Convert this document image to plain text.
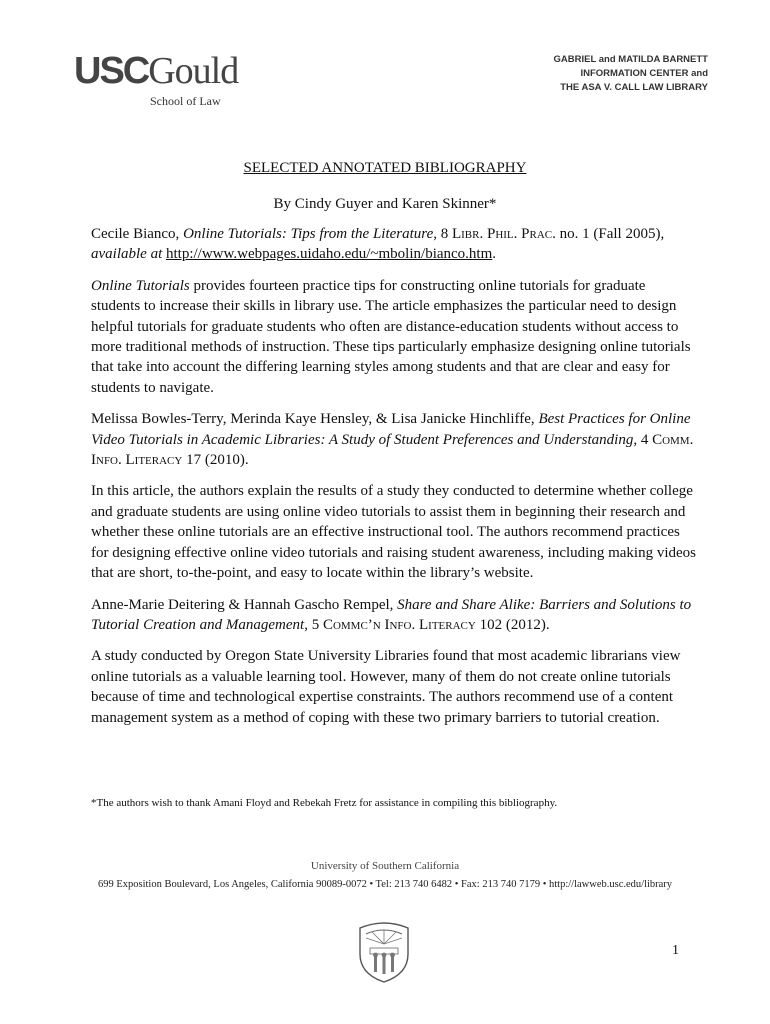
USCGould
School of Law
GABRIEL and MATILDA BARNETT
INFORMATION CENTER and
THE ASA V. CALL LAW LIBRARY
SELECTED ANNOTATED BIBLIOGRAPHY
By Cindy Guyer and Karen Skinner*

Cecile Bianco, Online Tutorials: Tips from the Literature, 8 Libr. Phil. Prac. no. 1 (Fall 2005), available at http://www.webpages.uidaho.edu/~mbolin/bianco.htm.

Online Tutorials provides fourteen practice tips for constructing online tutorials for graduate students to increase their skills in library use. The article emphasizes the particular need to design helpful tutorials for graduate students who often are distance-education students without access to more traditional methods of instruction. These tips particularly emphasize designing online tutorials that take into account the differing learning styles among students and that are clear and easy for students to navigate.

Melissa Bowles-Terry, Merinda Kaye Hensley, & Lisa Janicke Hinchliffe, Best Practices for Online Video Tutorials in Academic Libraries: A Study of Student Preferences and Understanding, 4 Comm. Info. Literacy 17 (2010).

In this article, the authors explain the results of a study they conducted to determine whether college and graduate students are using online video tutorials to assist them in beginning their research and whether these online tutorials are an effective instructional tool. The authors recommend practices for designing effective online video tutorials and raising student awareness, including making videos that are short, to-the-point, and easy to locate within the library’s website.

Anne-Marie Deitering & Hannah Gascho Rempel, Share and Share Alike: Barriers and Solutions to Tutorial Creation and Management, 5 Commc’n Info. Literacy 102 (2012).

A study conducted by Oregon State University Libraries found that most academic librarians view online tutorials as a valuable learning tool. However, many of them do not create online tutorials because of time and technological expertise constraints. The authors recommend use of a content management system as a method of coping with these two primary barriers to tutorial creation.

*The authors wish to thank Amani Floyd and Rebekah Fretz for assistance in compiling this bibliography.
University of Southern California
699 Exposition Boulevard, Los Angeles, California 90089-0072 • Tel: 213 740 6482 • Fax: 213 740 7179 • http://lawweb.usc.edu/library
1
